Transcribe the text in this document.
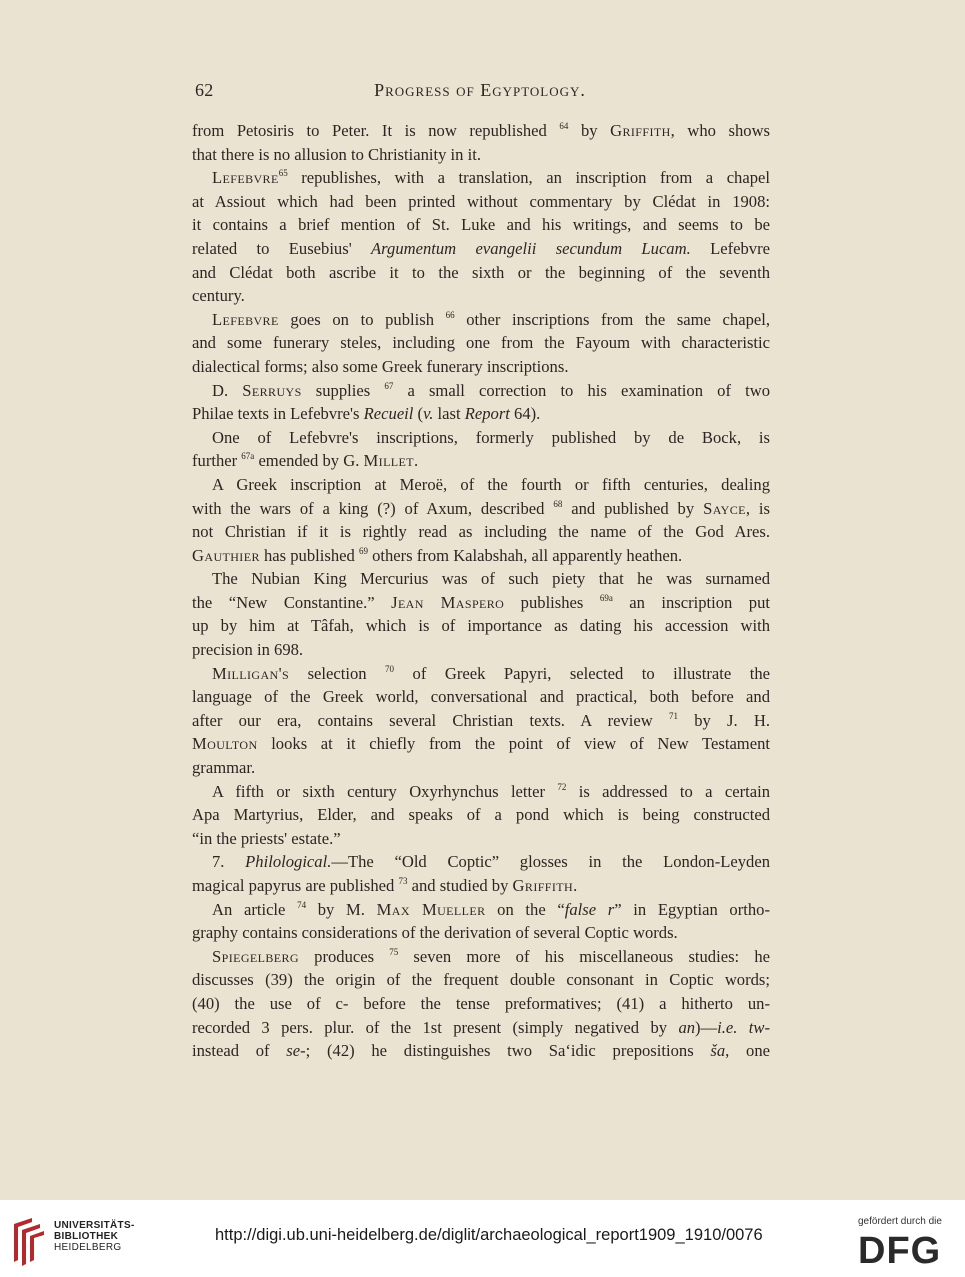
62	Progress of Egyptology.
from Petosiris to Peter. It is now republished $^{64}$ by Griffith, who shows
that there is no allusion to Christianity in it.
Lefebvre$^{65}$ republishes, with a translation, an inscription from a chapel
at Assiout which had been printed without commentary by Clédat in 1908:
it contains a brief mention of St. Luke and his writings, and seems to be
related to Eusebius' Argumentum evangelii secundum Lucam. Lefebvre
and Clédat both ascribe it to the sixth or the beginning of the seventh
century.
Lefebvre goes on to publish $^{66}$ other inscriptions from the same chapel,
and some funerary steles, including one from the Fayoum with characteristic
dialectical forms; also some Greek funerary inscriptions.
D. Serruys supplies $^{67}$ a small correction to his examination of two
Philae texts in Lefebvre's Recueil (v. last Report 64).
One of Lefebvre's inscriptions, formerly published by de Bock, is
further $^{67a}$ emended by G. Millet.
A Greek inscription at Meroë, of the fourth or fifth centuries, dealing
with the wars of a king (?) of Axum, described $^{68}$ and published by Sayce, is
not Christian if it is rightly read as including the name of the God Ares.
Gauthier has published $^{69}$ others from Kalabshah, all apparently heathen.
The Nubian King Mercurius was of such piety that he was surnamed
the “New Constantine.” Jean Maspero publishes $^{69a}$ an inscription put
up by him at Tâfah, which is of importance as dating his accession with
precision in 698.
Milligan's selection $^{70}$ of Greek Papyri, selected to illustrate the
language of the Greek world, conversational and practical, both before and
after our era, contains several Christian texts. A review $^{71}$ by J. H.
Moulton looks at it chiefly from the point of view of New Testament
grammar.
A fifth or sixth century Oxyrhynchus letter $^{72}$ is addressed to a certain
Apa Martyrius, Elder, and speaks of a pond which is being constructed
“in the priests' estate.”
7. Philological.—The “Old Coptic” glosses in the London-Leyden
magical papyrus are published $^{73}$ and studied by Griffith.
An article $^{74}$ by M. Max Mueller on the “false r” in Egyptian ortho-
graphy contains considerations of the derivation of several Coptic words.
Spiegelberg produces $^{75}$ seven more of his miscellaneous studies: he
discusses (39) the origin of the frequent double consonant in Coptic words;
(40) the use of c- before the tense preformatives; (41) a hitherto un-
recorded 3 pers. plur. of the 1st present (simply negatived by an)—i.e. tw-
instead of se-; (42) he distinguishes two Sa‘idic prepositions ša, one
UNIVERSITÄTS-
BIBLIOTHEK
HEIDELBERG
http://digi.ub.uni-heidelberg.de/diglit/archaeological_report1909_1910/0076
gefördert durch die
DFG
